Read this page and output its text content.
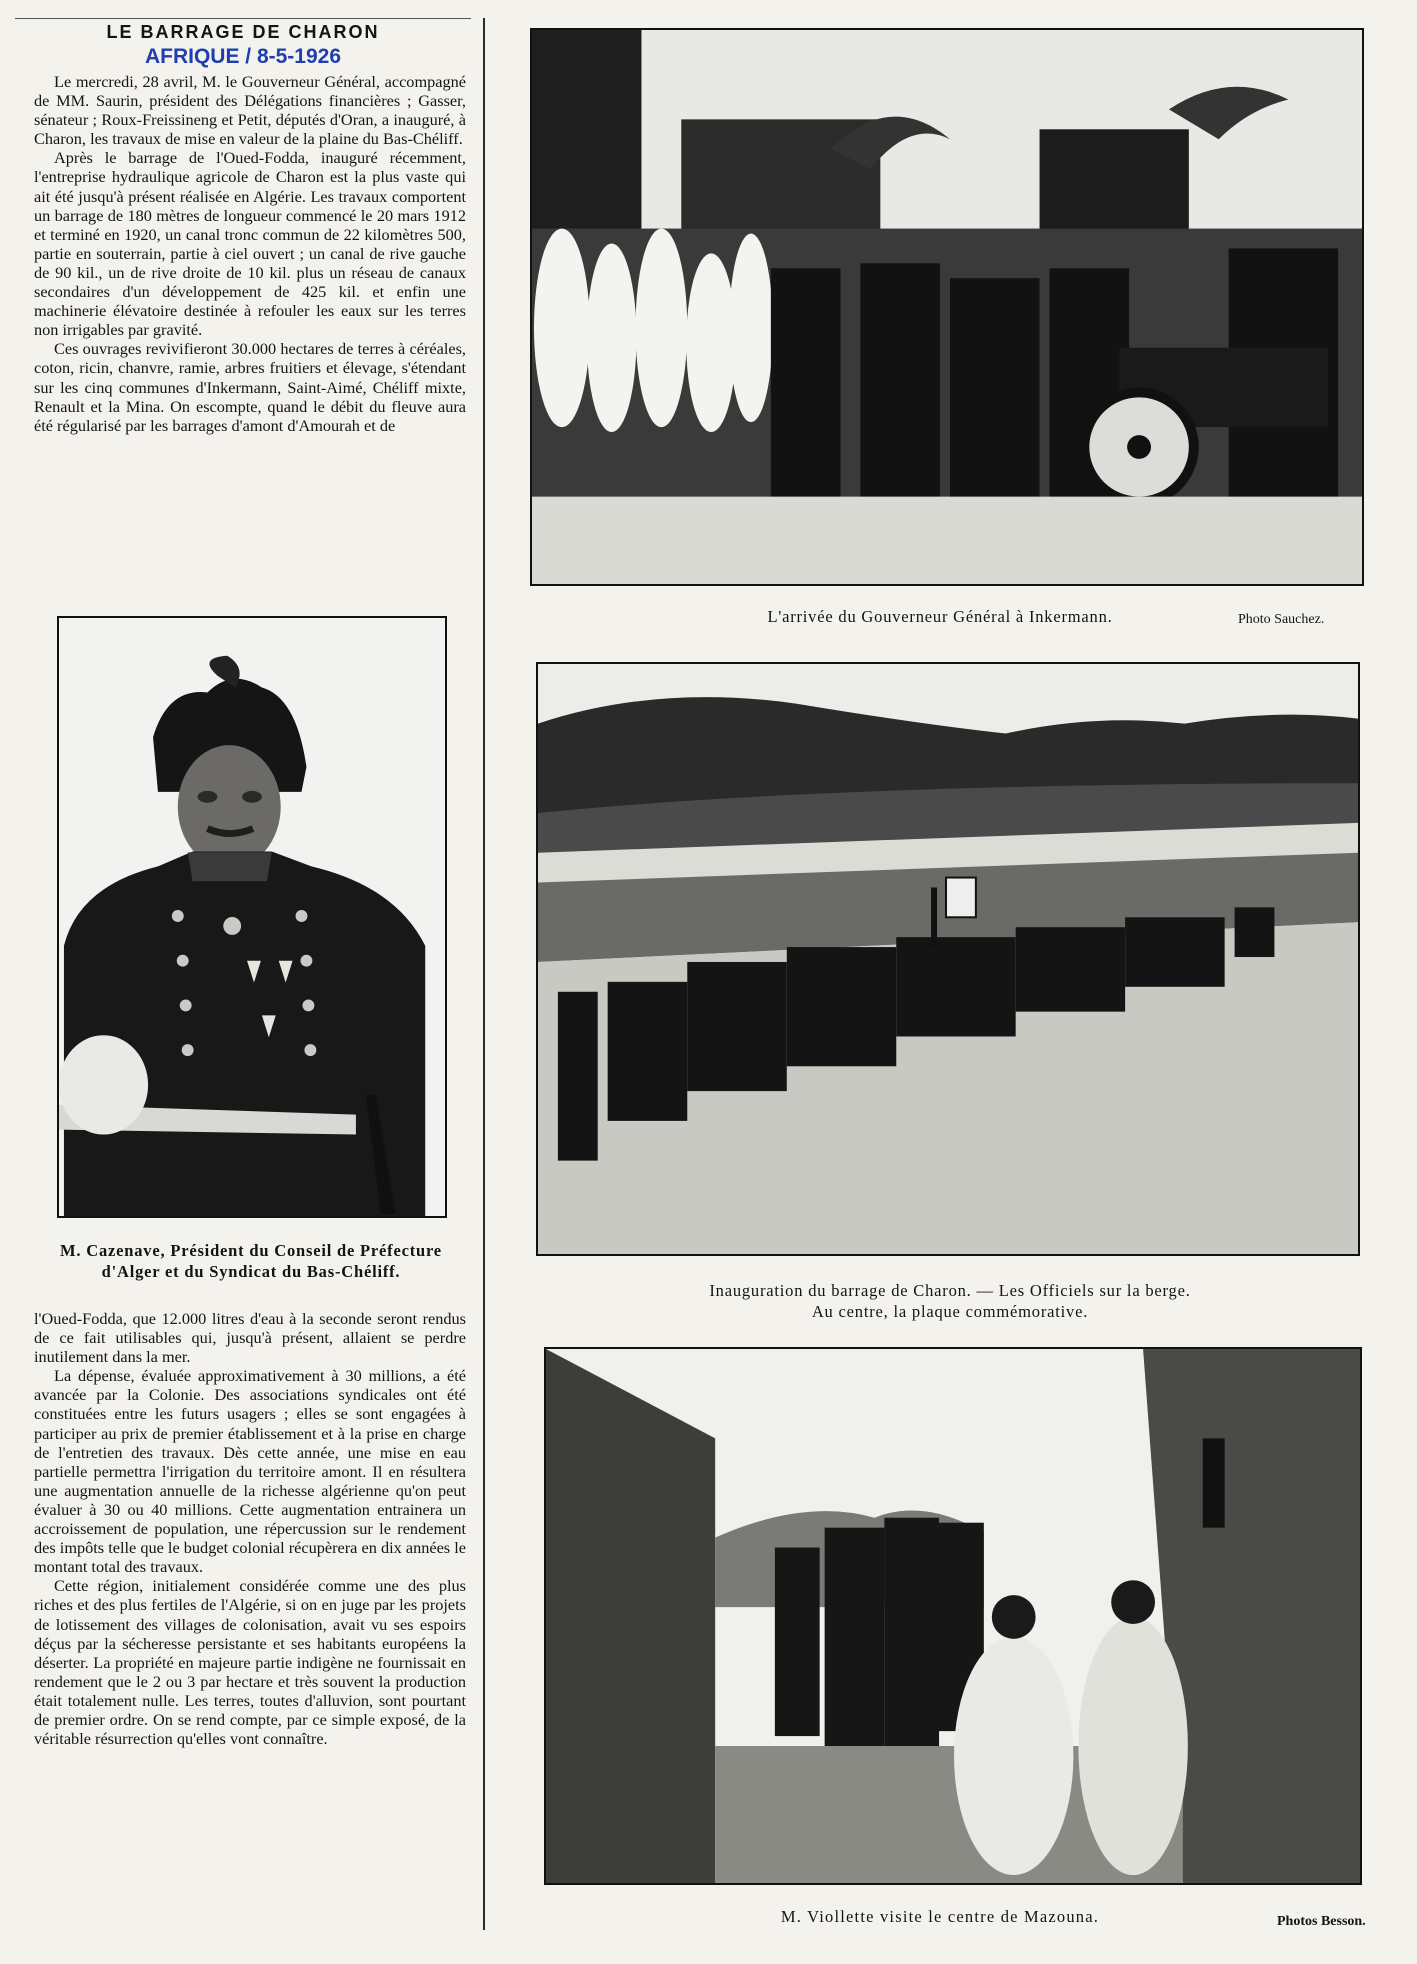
LE BARRAGE DE CHARON
AFRIQUE / 8-5-1926

Le mercredi, 28 avril, M. le Gouverneur Général, accompagné de MM. Saurin, président des Délégations financières ; Gasser, sénateur ; Roux-Freissineng et Petit, députés d'Oran, a inauguré, à Charon, les travaux de mise en valeur de la plaine du Bas-Chéliff.

Après le barrage de l'Oued-Fodda, inauguré récemment, l'entreprise hydraulique agricole de Charon est la plus vaste qui ait été jusqu'à présent réalisée en Algérie. Les travaux comportent un barrage de 180 mètres de longueur commencé le 20 mars 1912 et terminé en 1920, un canal tronc commun de 22 kilomètres 500, partie en souterrain, partie à ciel ouvert ; un canal de rive gauche de 90 kil., un de rive droite de 10 kil. plus un réseau de canaux secondaires d'un développement de 425 kil. et enfin une machinerie élévatoire destinée à refouler les eaux sur les terres non irrigables par gravité.

Ces ouvrages revivifieront 30.000 hectares de terres à céréales, coton, ricin, chanvre, ramie, arbres fruitiers et élevage, s'étendant sur les cinq communes d'Inkermann, Saint-Aimé, Chéliff mixte, Renault et la Mina. On escompte, quand le débit du fleuve aura été régularisé par les barrages d'amont d'Amourah et de

M. Cazenave, Président du Conseil de Préfecture d'Alger et du Syndicat du Bas-Chéliff.

l'Oued-Fodda, que 12.000 litres d'eau à la seconde seront rendus de ce fait utilisables qui, jusqu'à présent, allaient se perdre inutilement dans la mer.

La dépense, évaluée approximativement à 30 millions, a été avancée par la Colonie. Des associations syndicales ont été constituées entre les futurs usagers ; elles se sont engagées à participer au prix de premier établissement et à la prise en charge de l'entretien des travaux. Dès cette année, une mise en eau partielle permettra l'irrigation du territoire amont. Il en résultera une augmentation annuelle de la richesse algérienne qu'on peut évaluer à 30 ou 40 millions. Cette augmentation entrainera un accroissement de population, une répercussion sur le rendement des impôts telle que le budget colonial récupèrera en dix années le montant total des travaux.

Cette région, initialement considérée comme une des plus riches et des plus fertiles de l'Algérie, si on en juge par les projets de lotissement des villages de colonisation, avait vu ses espoirs déçus par la sécheresse persistante et ses habitants européens la déserter. La propriété en majeure partie indigène ne fournissait en rendement que le 2 ou 3 par hectare et très souvent la production était totalement nulle. Les terres, toutes d'alluvion, sont pourtant de premier ordre. On se rend compte, par ce simple exposé, de la véritable résurrection qu'elles vont connaître.

L'arrivée du Gouverneur Général à Inkermann.	Photo Sauchez.
Inauguration du barrage de Charon. — Les Officiels sur la berge.
Au centre, la plaque commémorative.
M. Viollette visite le centre de Mazouna.	Photos Besson.
